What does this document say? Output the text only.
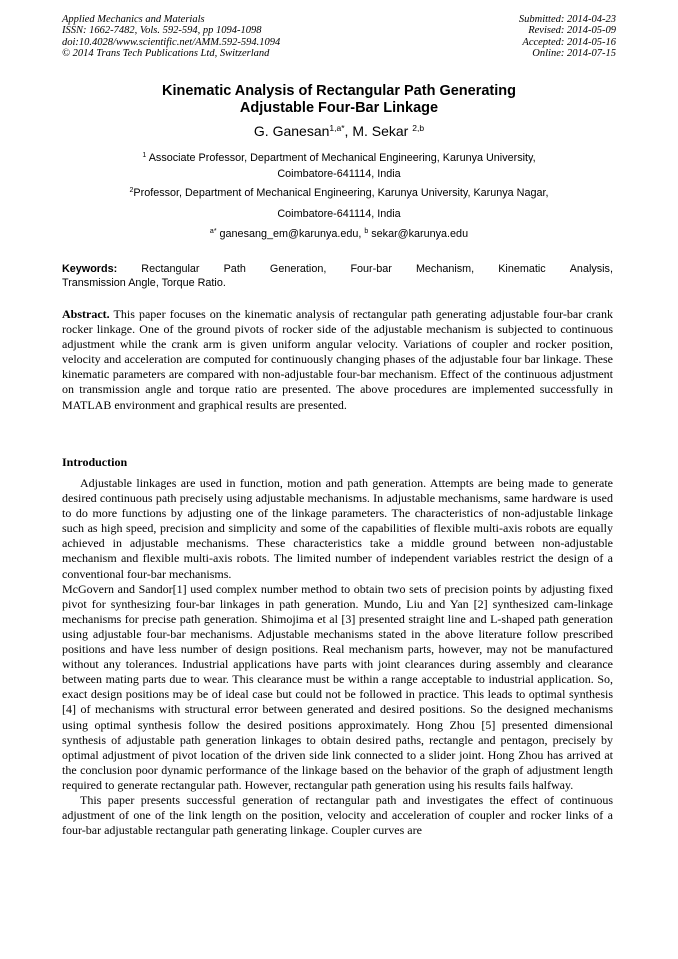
Applied Mechanics and Materials
ISSN: 1662-7482, Vols. 592-594, pp 1094-1098
doi:10.4028/www.scientific.net/AMM.592-594.1094
© 2014 Trans Tech Publications Ltd, Switzerland
Submitted: 2014-04-23
Revised: 2014-05-09
Accepted: 2014-05-16
Online: 2014-07-15
Kinematic Analysis of Rectangular Path Generating
Adjustable Four-Bar Linkage
G. Ganesan$^{1,a*}$, M. Sekar $^{2,b}$
$^1$ Associate Professor, Department of Mechanical Engineering, Karunya University,
Coimbatore-641114, India
$^2$Professor, Department of Mechanical Engineering, Karunya University, Karunya Nagar,
Coimbatore-641114, India
$^{a*}$ ganesang_em@karunya.edu, $^b$ sekar@karunya.edu
Keywords: Rectangular Path Generation, Four-bar Mechanism, Kinematic Analysis,
Transmission Angle, Torque Ratio.
Abstract. This paper focuses on the kinematic analysis of rectangular path generating adjustable four-bar crank rocker linkage. One of the ground pivots of rocker side of the adjustable mechanism is subjected to continuous adjustment while the crank arm is given uniform angular velocity. Variations of coupler and rocker position, velocity and acceleration are computed for continuously changing phases of the adjustable four bar linkage. These kinematic parameters are compared with non-adjustable four-bar mechanism. Effect of the continuous adjustment on transmission angle and torque ratio are presented. The above procedures are implemented successfully in MATLAB environment and graphical results are presented.
Introduction

Adjustable linkages are used in function, motion and path generation. Attempts are being made to generate desired continuous path precisely using adjustable mechanisms. In adjustable mechanisms, same hardware is used to do more functions by adjusting one of the linkage parameters. The characteristics of non-adjustable linkage such as high speed, precision and simplicity and some of the capabilities of flexible multi-axis robots are equally achieved in adjustable mechanisms. These characteristics take a middle ground between non-adjustable mechanism and flexible multi-axis robots. The limited number of independent variables restrict the design of a conventional four-bar mechanisms.

McGovern and Sandor[1] used complex number method to obtain two sets of precision points by adjusting fixed pivot for synthesizing four-bar linkages in path generation. Mundo, Liu and Yan [2] synthesized cam-linkage mechanisms for precise path generation. Shimojima et al [3] presented straight line and L-shaped path generation using adjustable four-bar mechanisms. Adjustable mechanisms stated in the above literature follow prescribed positions and have less number of design positions. Real mechanism parts, however, may not be manufactured without any tolerances. Industrial applications have parts with joint clearances during assembly and clearance between mating parts due to wear. This clearance must be within a range acceptable to industrial application. So, exact design positions may be of ideal case but could not be followed in practice. This leads to optimal synthesis [4] of mechanisms with structural error between generated and desired positions. So the designed mechanisms using optimal synthesis follow the desired positions approximately. Hong Zhou [5] presented dimensional synthesis of adjustable path generation linkages to obtain desired paths, rectangle and pentagon, precisely by optimal adjustment of pivot location of the driven side link connected to a slider joint. Hong Zhou has arrived at the conclusion poor dynamic performance of the linkage based on the behavior of the graph of adjustment length required to generate rectangular path. However, rectangular path generation using his results fails halfway.

This paper presents successful generation of rectangular path and investigates the effect of continuous adjustment of one of the link length on the position, velocity and acceleration of coupler and rocker links of a four-bar adjustable rectangular path generating linkage. Coupler curves are
